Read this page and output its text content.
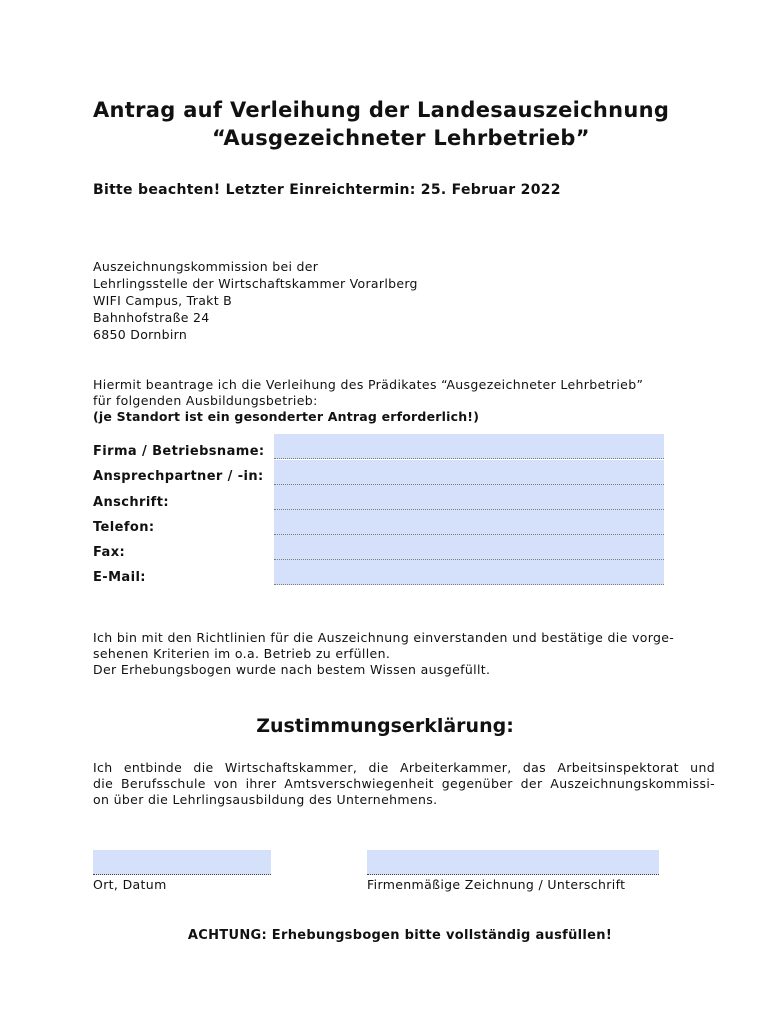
Antrag auf Verleihung der Landesauszeichnung
“Ausgezeichneter Lehrbetrieb”
Bitte beachten! Letzter Einreichtermin: 25. Februar 2022
Auszeichnungskommission bei der
Lehrlingsstelle der Wirtschaftskammer Vorarlberg
WIFI Campus, Trakt B
Bahnhofstraße 24
6850 Dornbirn
Hiermit beantrage ich die Verleihung des Prädikates “Ausgezeichneter Lehrbetrieb”
für folgenden Ausbildungsbetrieb:
(je Standort ist ein gesonderter Antrag erforderlich!)
Firma / Betriebsname:
Ansprechpartner / -in:
Anschrift:
Telefon:
Fax:
E-Mail:
Ich bin mit den Richtlinien für die Auszeichnung einverstanden und bestätige die vorge-
sehenen Kriterien im o.a. Betrieb zu erfüllen.
Der Erhebungsbogen wurde nach bestem Wissen ausgefüllt.
Zustimmungserklärung:
Ich entbinde die Wirtschaftskammer, die Arbeiterkammer, das Arbeitsinspektorat und
die Berufsschule von ihrer Amtsverschwiegenheit gegenüber der Auszeichnungskommissi-
on über die Lehrlingsausbildung des Unternehmens.
Ort, Datum	Firmenmäßige Zeichnung / Unterschrift
ACHTUNG: Erhebungsbogen bitte vollständig ausfüllen!
